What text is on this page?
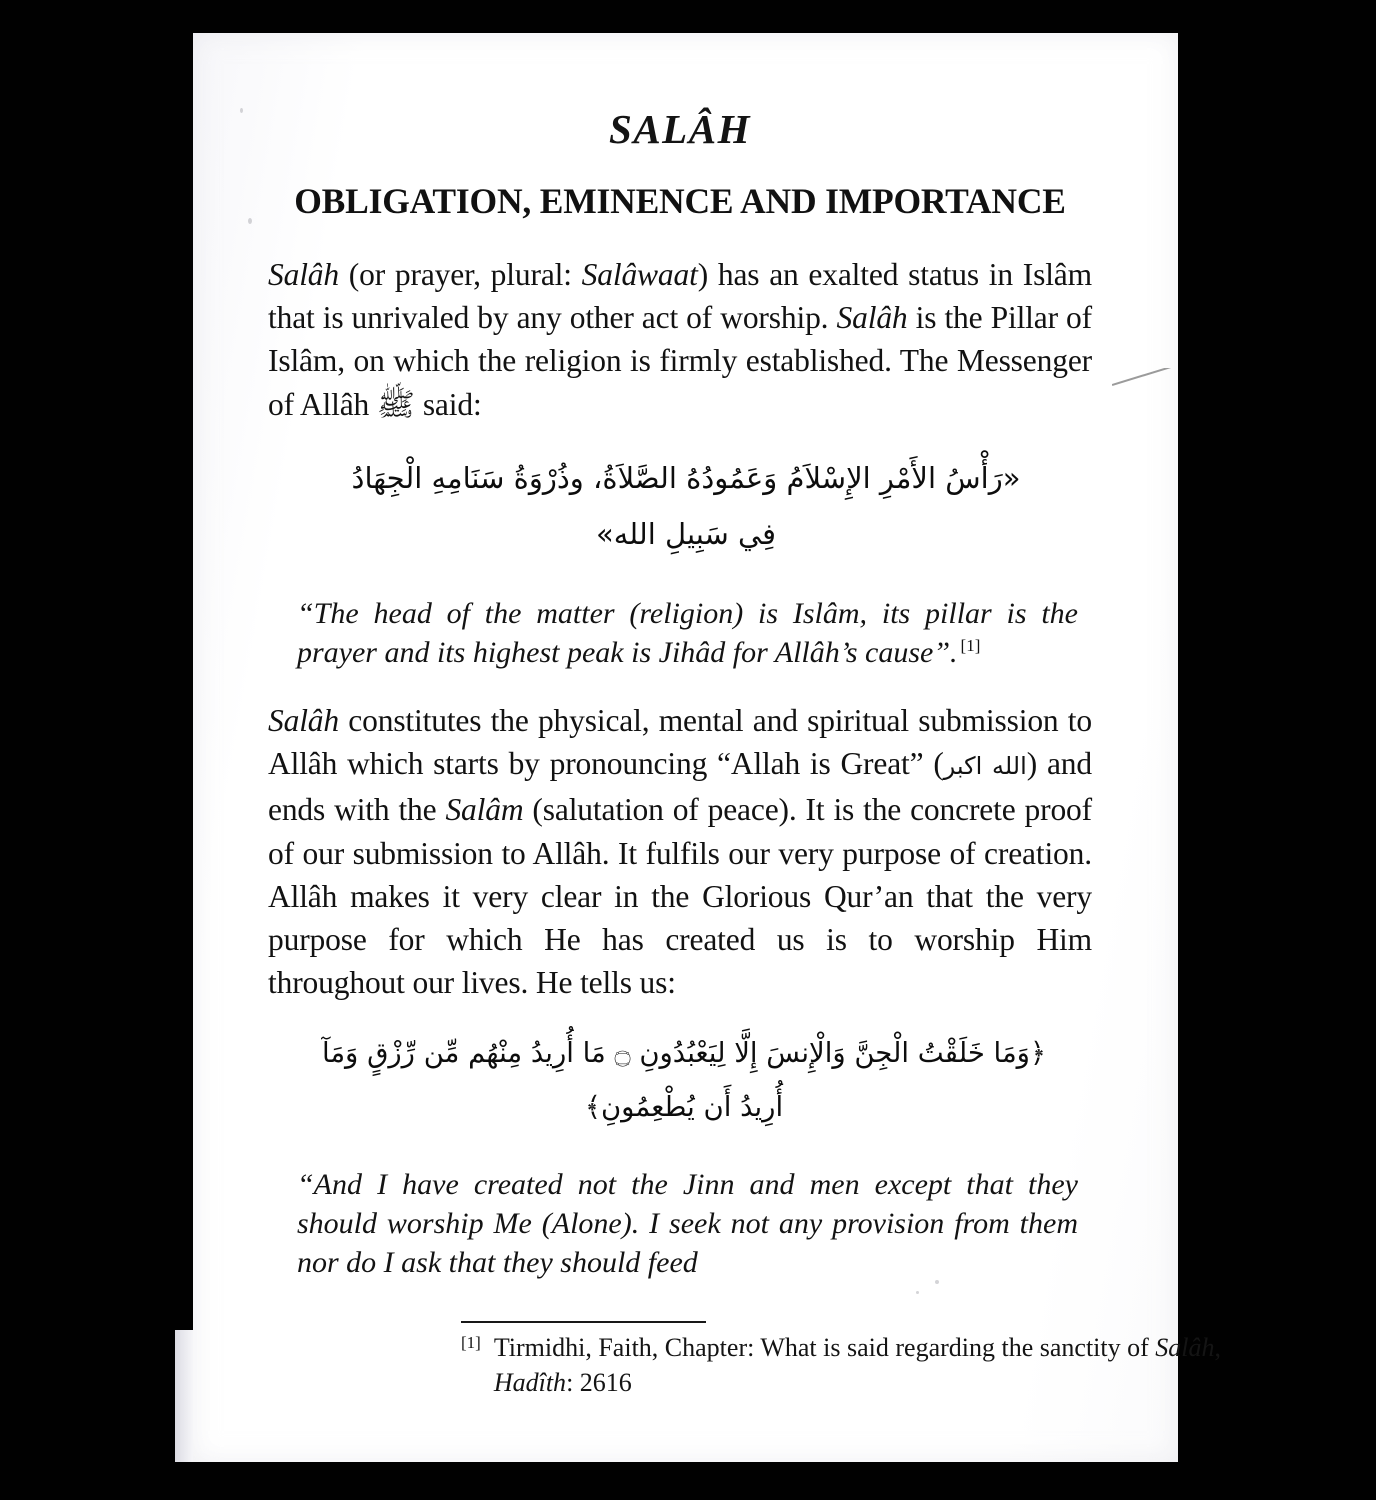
SALÂH
OBLIGATION, EMINENCE AND IMPORTANCE

Salâh (or prayer, plural: Salâwaat) has an exalted status in Islâm that is unrivaled by any other act of worship. Salâh is the Pillar of Islâm, on which the religion is firmly established. The Messenger of Allâh ﷺ said:

«رَأْسُ الأَمْرِ الإِسْلاَمُ وَعَمُودُهُ الصَّلاَةُ، وذُرْوَةُ سَنَامِهِ الْجِهَادُ
فِي سَبِيلِ الله»

“The head of the matter (religion) is Islâm, its pillar is the prayer and its highest peak is Jihâd for Allâh’s cause”. [1]

Salâh constitutes the physical, mental and spiritual submission to Allâh which starts by pronouncing “Allah is Great” (الله اكبر) and ends with the Salâm (salutation of peace). It is the concrete proof of our submission to Allâh. It fulfils our very purpose of creation. Allâh makes it very clear in the Glorious Qur’an that the very purpose for which He has created us is to worship Him throughout our lives. He tells us:

﴿وَمَا خَلَقْتُ الْجِنَّ وَالْإِنسَ إِلَّا لِيَعْبُدُونِ ۝ مَا أُرِيدُ مِنْهُم مِّن رِّزْقٍ وَمَآ
أُرِيدُ أَن يُطْعِمُونِ﴾

“And I have created not the Jinn and men except that they should worship Me (Alone). I seek not any provision from them nor do I ask that they should feed

[1] Tirmidhi, Faith, Chapter: What is said regarding the sanctity of Salâh, Hadîth: 2616
